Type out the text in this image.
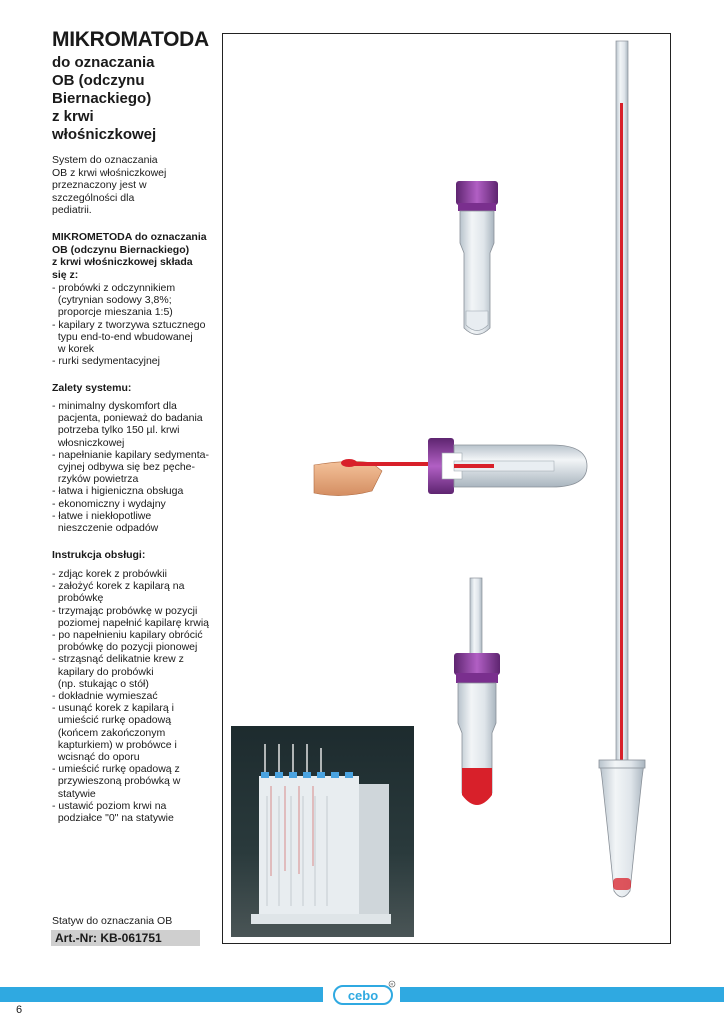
MIKROMATODA
do oznaczania
OB (odczynu
Biernackiego)
z krwi
włośniczkowej
System do oznaczania
OB z krwi włośniczkowej
przeznaczony jest w
szczególności dla
pediatrii.
MIKROMETODA do oznaczania
OB (odczynu Biernackiego)
z krwi włośniczkowej składa
się z:
- probówki z odczynnikiem
(cytrynian sodowy 3,8%;
proporcje mieszania 1:5)
- kapilary z tworzywa sztucznego
typu end-to-end wbudowanej
w korek
- rurki sedymentacyjnej
Zalety systemu:
- minimalny dyskomfort dla
pacjenta, ponieważ do badania
potrzeba tylko 150 µl. krwi
włosniczkowej
- napełnianie kapilary sedymenta-
cyjnej odbywa się bez pęche-
rzyków powietrza
- łatwa i higieniczna obsługa
- ekonomiczny i wydajny
- łatwe i niekłopotliwe
nieszczenie odpadów
Instrukcja obsługi:
- zdjąc korek z probówkii
- założyć korek z kapilarą na
probówkę
- trzymając probówkę w pozycji
poziomej napełnić kapilarę krwią
- po napełnieniu kapilary obrócić
probówkę do pozycji pionowej
- strząsnąć delikatnie krew z
kapilary do probówki
(np. stukając o stół)
- dokładnie wymieszać
- usunąć korek z kapilarą i
umieścić rurkę opadową
(końcem zakończonym
kapturkiem) w probówce i
wcisnąć do oporu
- umieścić rurkę opadową z
przywieszoną probówką w
statywie
- ustawić poziom krwi na
podziałce "0" na statywie
Statyw do oznaczania OB
Art.-Nr: KB-061751
cebo
R
6
